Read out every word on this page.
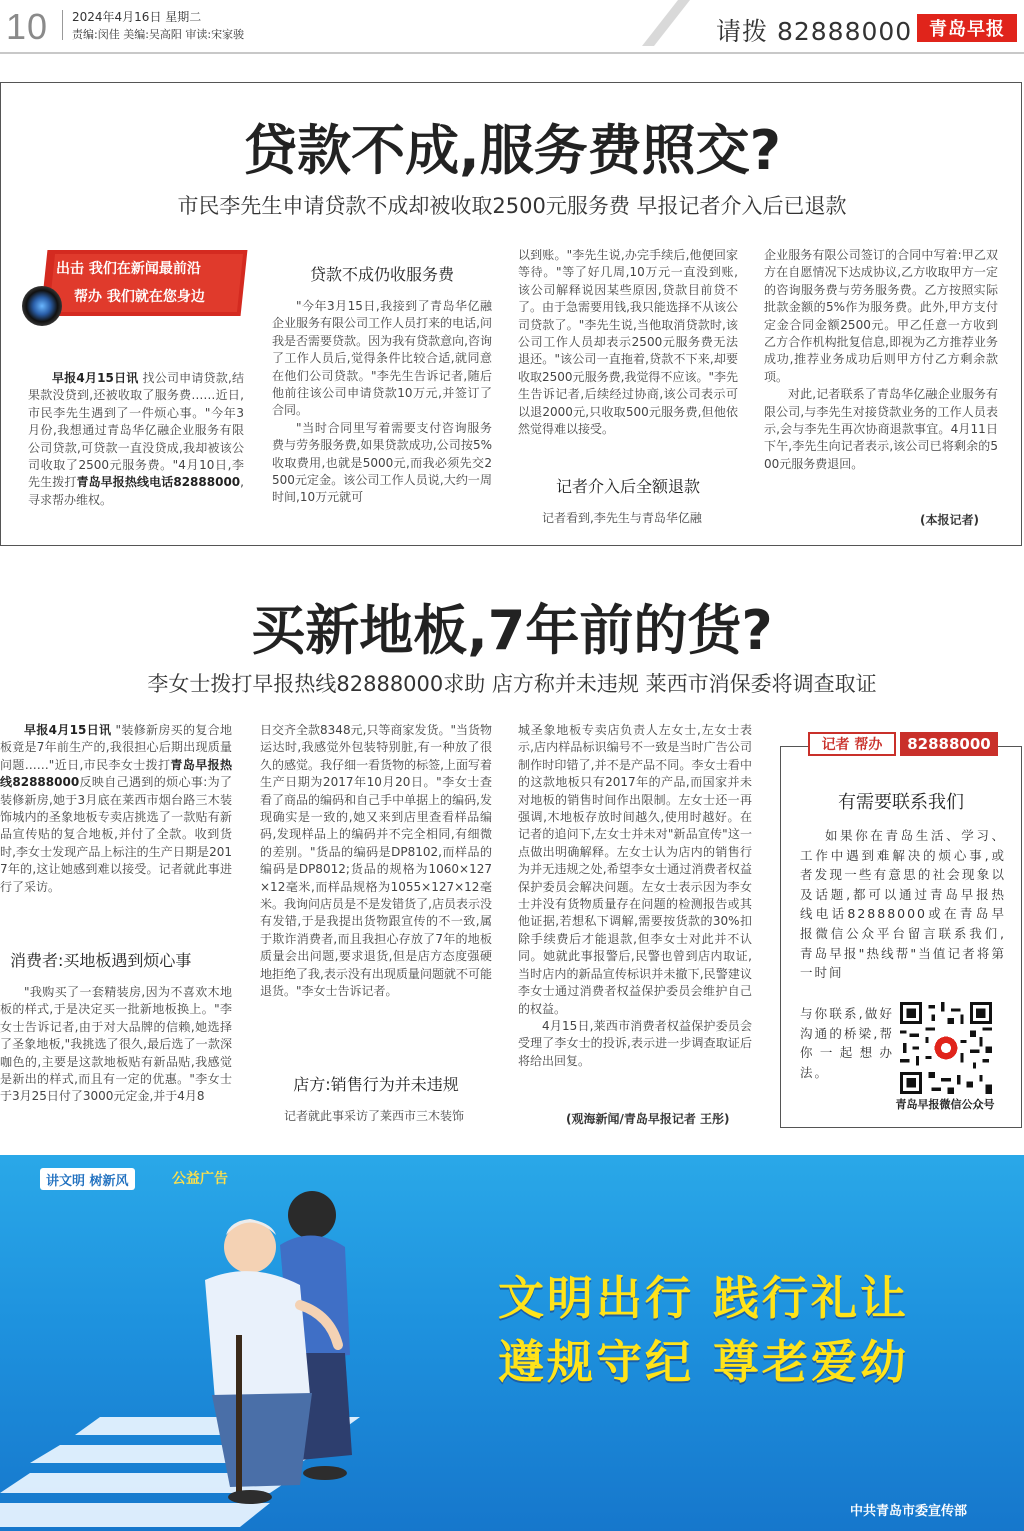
10 2024年4月16日 星期二
责编:闵佳 美编:吴高阳 审读:宋家骏	请拨 82888000 青岛早报
贷款不成,服务费照交?
市民李先生申请贷款不成却被收取2500元服务费 早报记者介入后已退款
出击 我们在新闻最前沿
帮办 我们就在您身边

早报4月15日讯 找公司申请贷款,结果款没贷到,还被收取了服务费……近日,市民李先生遇到了一件烦心事。"今年3月份,我想通过青岛华亿融企业服务有限公司贷款,可贷款一直没贷成,我却被该公司收取了2500元服务费。"4月10日,李先生拨打青岛早报热线电话82888000,寻求帮办维权。

贷款不成仍收服务费

"今年3月15日,我接到了青岛华亿融企业服务有限公司工作人员打来的电话,问我是否需要贷款。因为我有贷款意向,咨询了工作人员后,觉得条件比较合适,就同意在他们公司贷款。"李先生告诉记者,随后他前往该公司申请贷款10万元,并签订了合同。

"当时合同里写着需要支付咨询服务费与劳务服务费,如果贷款成功,公司按5%收取费用,也就是5000元,而我必须先交2500元定金。该公司工作人员说,大约一周时间,10万元就可

以到账。"李先生说,办完手续后,他便回家等待。"等了好几周,10万元一直没到账,该公司解释说因某些原因,贷款目前贷不了。由于急需要用钱,我只能选择不从该公司贷款了。"李先生说,当他取消贷款时,该公司工作人员却表示2500元服务费无法退还。"该公司一直拖着,贷款不下来,却要收取2500元服务费,我觉得不应该。"李先生告诉记者,后续经过协商,该公司表示可以退2000元,只收取500元服务费,但他依然觉得难以接受。

记者介入后全额退款

记者看到,李先生与青岛华亿融

企业服务有限公司签订的合同中写着:甲乙双方在自愿情况下达成协议,乙方收取甲方一定的咨询服务费与劳务服务费。乙方按照实际批款金额的5%作为服务费。此外,甲方支付定金合同金额2500元。甲乙任意一方收到乙方合作机构批复信息,即视为乙方推荐业务成功,推荐业务成功后则甲方付乙方剩余款项。

对此,记者联系了青岛华亿融企业服务有限公司,与李先生对接贷款业务的工作人员表示,会与李先生再次协商退款事宜。4月11日下午,李先生向记者表示,该公司已将剩余的500元服务费退回。

(本报记者)
买新地板,7年前的货?
李女士拨打早报热线82888000求助 店方称并未违规 莱西市消保委将调查取证

早报4月15日讯 "装修新房买的复合地板竟是7年前生产的,我很担心后期出现质量问题……"近日,市民李女士拨打青岛早报热线82888000反映自己遇到的烦心事:为了装修新房,她于3月底在莱西市烟台路三木装饰城内的圣象地板专卖店挑选了一款贴有新品宣传贴的复合地板,并付了全款。收到货时,李女士发现产品上标注的生产日期是2017年的,这让她感到难以接受。记者就此事进行了采访。

消费者:买地板遇到烦心事

"我购买了一套精装房,因为不喜欢木地板的样式,于是决定买一批新地板换上。"李女士告诉记者,由于对大品牌的信赖,她选择了圣象地板,"我挑选了很久,最后选了一款深咖色的,主要是这款地板贴有新品贴,我感觉是新出的样式,而且有一定的优惠。"李女士于3月25日付了3000元定金,并于4月8

日交齐全款8348元,只等商家发货。"当货物运达时,我感觉外包装特别脏,有一种放了很久的感觉。我仔细一看货物的标签,上面写着生产日期为2017年10月20日。"李女士查看了商品的编码和自己手中单据上的编码,发现确实是一致的,她又来到店里查看样品编码,发现样品上的编码并不完全相同,有细微的差别。"货品的编码是DP8102,而样品的编码是DP8012;货品的规格为1060×127×12毫米,而样品规格为1055×127×12毫米。我询问店员是不是发错货了,店员表示没有发错,于是我提出货物跟宣传的不一致,属于欺诈消费者,而且我担心存放了7年的地板质量会出问题,要求退货,但是店方态度强硬地拒绝了我,表示没有出现质量问题就不可能退货。"李女士告诉记者。

店方:销售行为并未违规

记者就此事采访了莱西市三木装饰

城圣象地板专卖店负责人左女士,左女士表示,店内样品标识编号不一致是当时广告公司制作时印错了,并不是产品不同。李女士看中的这款地板只有2017年的产品,而国家并未对地板的销售时间作出限制。左女士还一再强调,木地板存放时间越久,使用时越好。在记者的追问下,左女士并未对"新品宣传"这一点做出明确解释。左女士认为店内的销售行为并无违规之处,希望李女士通过消费者权益保护委员会解决问题。左女士表示因为李女士并没有货物质量存在问题的检测报告或其他证据,若想私下调解,需要按货款的30%扣除手续费后才能退款,但李女士对此并不认同。她就此事报警后,民警也曾到店内取证,当时店内的新品宣传标识并未撤下,民警建议李女士通过消费者权益保护委员会维护自己的权益。

4月15日,莱西市消费者权益保护委员会受理了李女士的投诉,表示进一步调查取证后将给出回复。

(观海新闻/青岛早报记者 王彤)
记者 帮办	82888000
有需要联系我们
如果你在青岛生活、学习、工作中遇到难解决的烦心事,或者发现一些有意思的社会现象以及话题,都可以通过青岛早报热线电话82888000或在青岛早报微信公众平台留言联系我们,青岛早报"热线帮"当值记者将第一时间
与你联系,做好沟通的桥梁,帮你一起想办法。
青岛早报微信公众号
讲文明 树新风	公益广告
文明出行 践行礼让
遵规守纪 尊老爱幼
中共青岛市委宣传部
